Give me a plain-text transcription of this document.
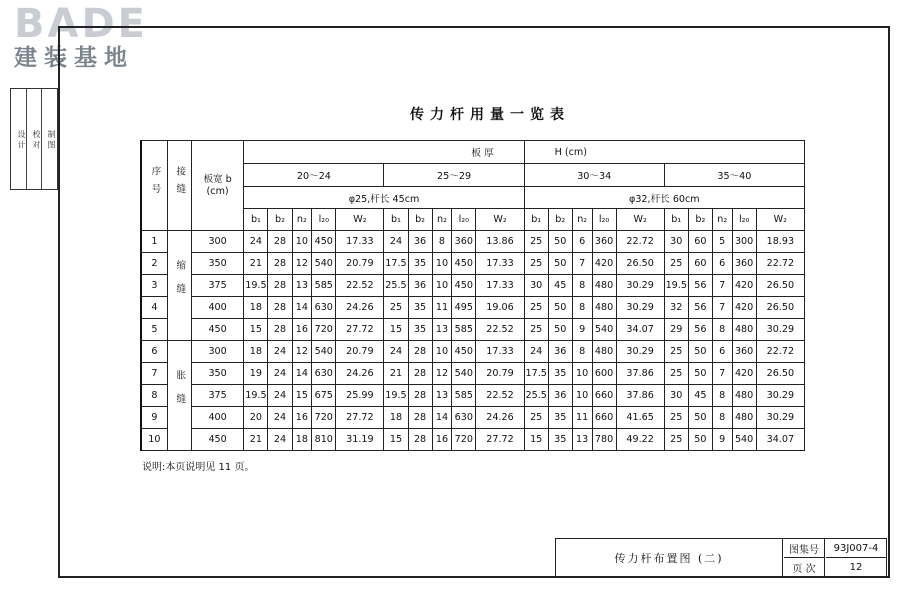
BADE
建装基地
设 计 校 对 制 图
传力杆用量一览表
序号	接缝	板宽 b (cm)	板 厚										H (cm)									
			20～24					25～29					30～34					35～40				
			φ25,杆长 45cm										φ32,杆长 60cm									
			b₁	b₂	n₂	l₂₀	W₂	b₁	b₂	n₂	l₂₀	W₂	b₁	b₂	n₂	l₂₀	W₂	b₁	b₂	n₂	l₂₀	W₂
1	缩缝	300	24	28	10	450	17.33	24	36	8	360	13.86	25	50	6	360	22.72	30	60	5	300	18.93
2		350	21	28	12	540	20.79	17.5	35	10	450	17.33	25	50	7	420	26.50	25	60	6	360	22.72
3		375	19.5	28	13	585	22.52	25.5	36	10	450	17.33	30	45	8	480	30.29	19.5	56	7	420	26.50
4		400	18	28	14	630	24.26	25	35	11	495	19.06	25	50	8	480	30.29	32	56	7	420	26.50
5		450	15	28	16	720	27.72	15	35	13	585	22.52	25	50	9	540	34.07	29	56	8	480	30.29
6	胀缝	300	18	24	12	540	20.79	24	28	10	450	17.33	24	36	8	480	30.29	25	50	6	360	22.72
7		350	19	24	14	630	24.26	21	28	12	540	20.79	17.5	35	10	600	37.86	25	50	7	420	26.50
8		375	19.5	24	15	675	25.99	19.5	28	13	585	22.52	25.5	36	10	660	37.86	30	45	8	480	30.29
9		400	20	24	16	720	27.72	18	28	14	630	24.26	25	35	11	660	41.65	25	50	8	480	30.29
10		450	21	24	18	810	31.19	15	28	16	720	27.72	15	35	13	780	49.22	25	50	9	540	34.07
说明:本页说明见 11 页。
传力杆布置图 (二)
图集号	93J007-4
页 次	12
